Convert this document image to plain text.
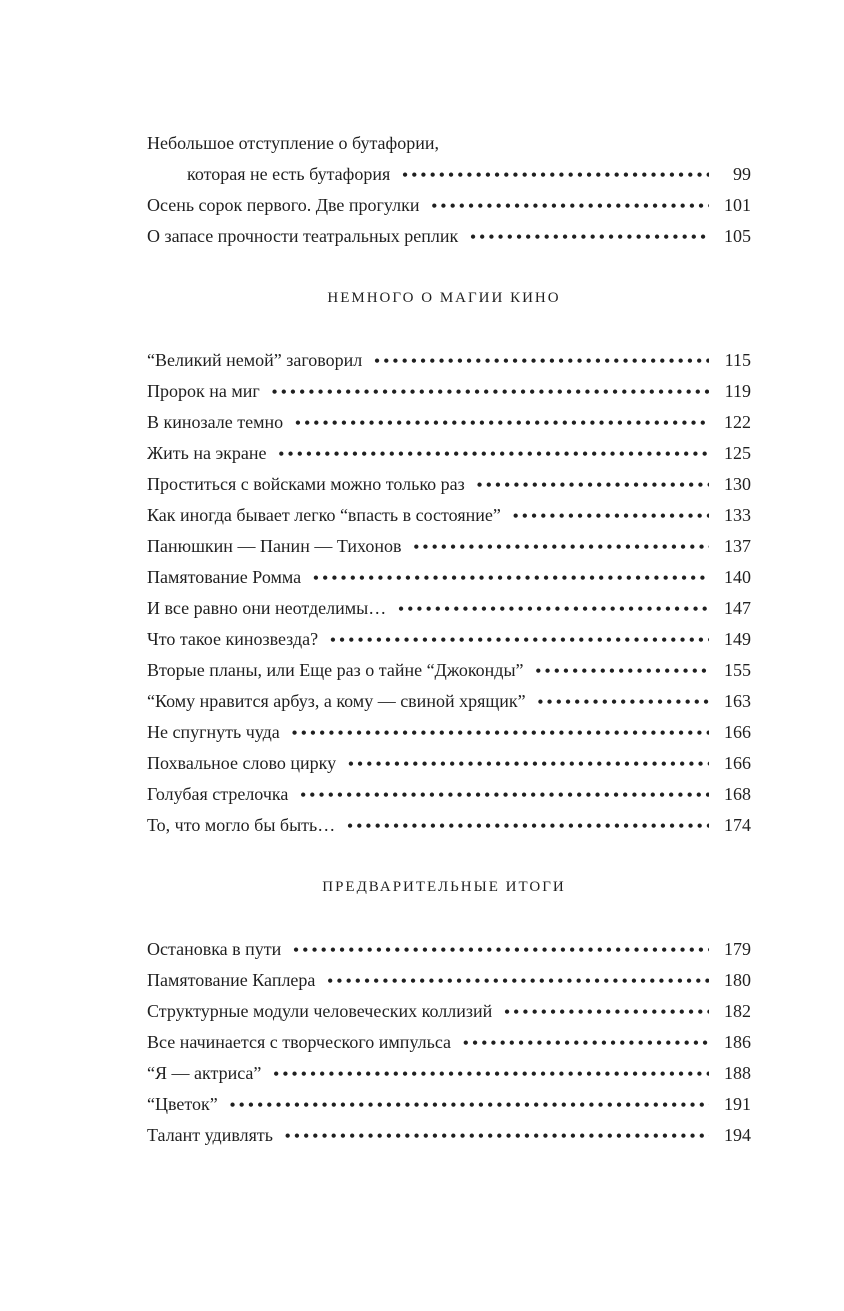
Небольшое отступление о бутафории,
которая не есть бутафория •••••	99
Осень сорок первого. Две прогулки •••••	101
О запасе прочности театральных реплик •••••	105
НЕМНОГО О МАГИИ КИНО
“Великий немой” заговорил •••••	115
Пророк на миг •••••	119
В кинозале темно •••••	122
Жить на экране •••••	125
Проститься с войсками можно только раз •••••	130
Как иногда бывает легко “впасть в состояние” •••••	133
Панюшкин — Панин — Тихонов •••••	137
Памятование Ромма •••••	140
И все равно они неотделимы… •••••	147
Что такое кинозвезда? •••••	149
Вторые планы, или Еще раз о тайне “Джоконды” •••••	155
“Кому нравится арбуз, а кому — свиной хрящик” •••••	163
Не спугнуть чуда •••••	166
Похвальное слово цирку •••••	166
Голубая стрелочка •••••	168
То, что могло бы быть… •••••	174
ПРЕДВАРИТЕЛЬНЫЕ ИТОГИ
Остановка в пути •••••	179
Памятование Каплера •••••	180
Структурные модули человеческих коллизий •••••	182
Все начинается с творческого импульса •••••	186
“Я — актриса” •••••	188
“Цветок” •••••	191
Талант удивлять •••••	194
